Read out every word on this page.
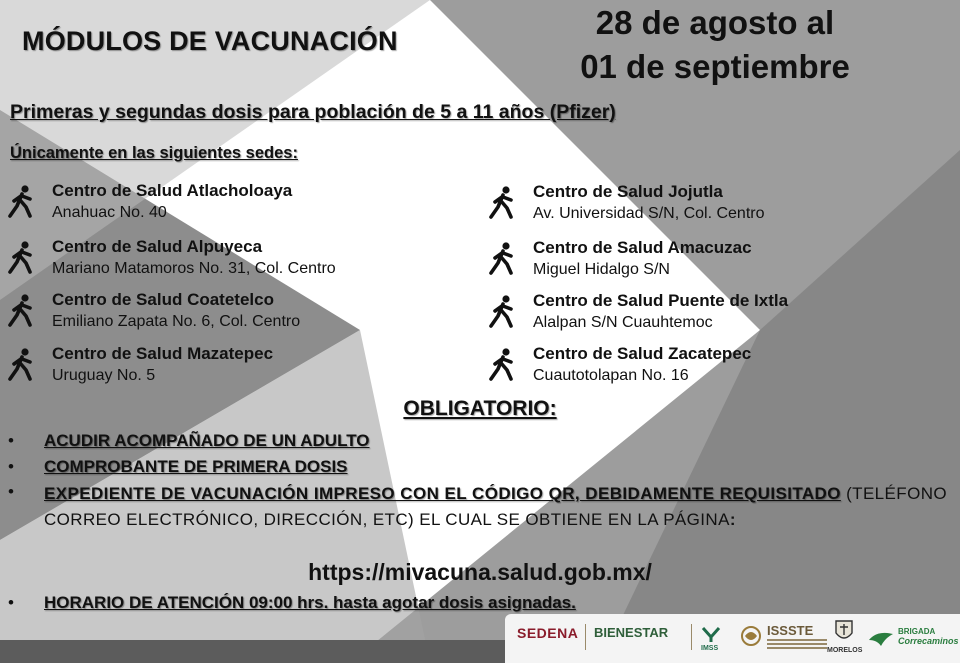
MÓDULOS DE VACUNACIÓN	28 de agosto al
01 de septiembre
Primeras y segundas dosis para población de 5 a 11 años (Pfizer)
Únicamente en las siguientes sedes:
Centro de Salud Atlacholoaya
Anahuac No. 40
Centro de Salud Alpuyeca
Mariano Matamoros No. 31, Col. Centro
Centro de Salud Coatetelco
Emiliano Zapata No. 6, Col. Centro
Centro de Salud Mazatepec
Uruguay No. 5
Centro de Salud Jojutla
Av. Universidad S/N, Col. Centro
Centro de Salud Amacuzac
Miguel Hidalgo S/N
Centro de Salud Puente de Ixtla
Alalpan S/N Cuauhtemoc
Centro de Salud Zacatepec
Cuautotolapan No. 16
OBLIGATORIO:
• ACUDIR ACOMPAÑADO DE UN ADULTO
• COMPROBANTE DE PRIMERA DOSIS
• EXPEDIENTE DE VACUNACIÓN IMPRESO CON EL CÓDIGO QR, DEBIDAMENTE REQUISITADO (TELÉFONO CORREO ELECTRÓNICO, DIRECCIÓN, ETC) EL CUAL SE OBTIENE EN LA PÁGINA:
https://mivacuna.salud.gob.mx/
• HORARIO DE ATENCIÓN 09:00 hrs. hasta agotar dosis asignadas.
SEDENA BIENESTAR
IMSS
ISSSTE
MORELOS
BRIGADA
Correcaminos
